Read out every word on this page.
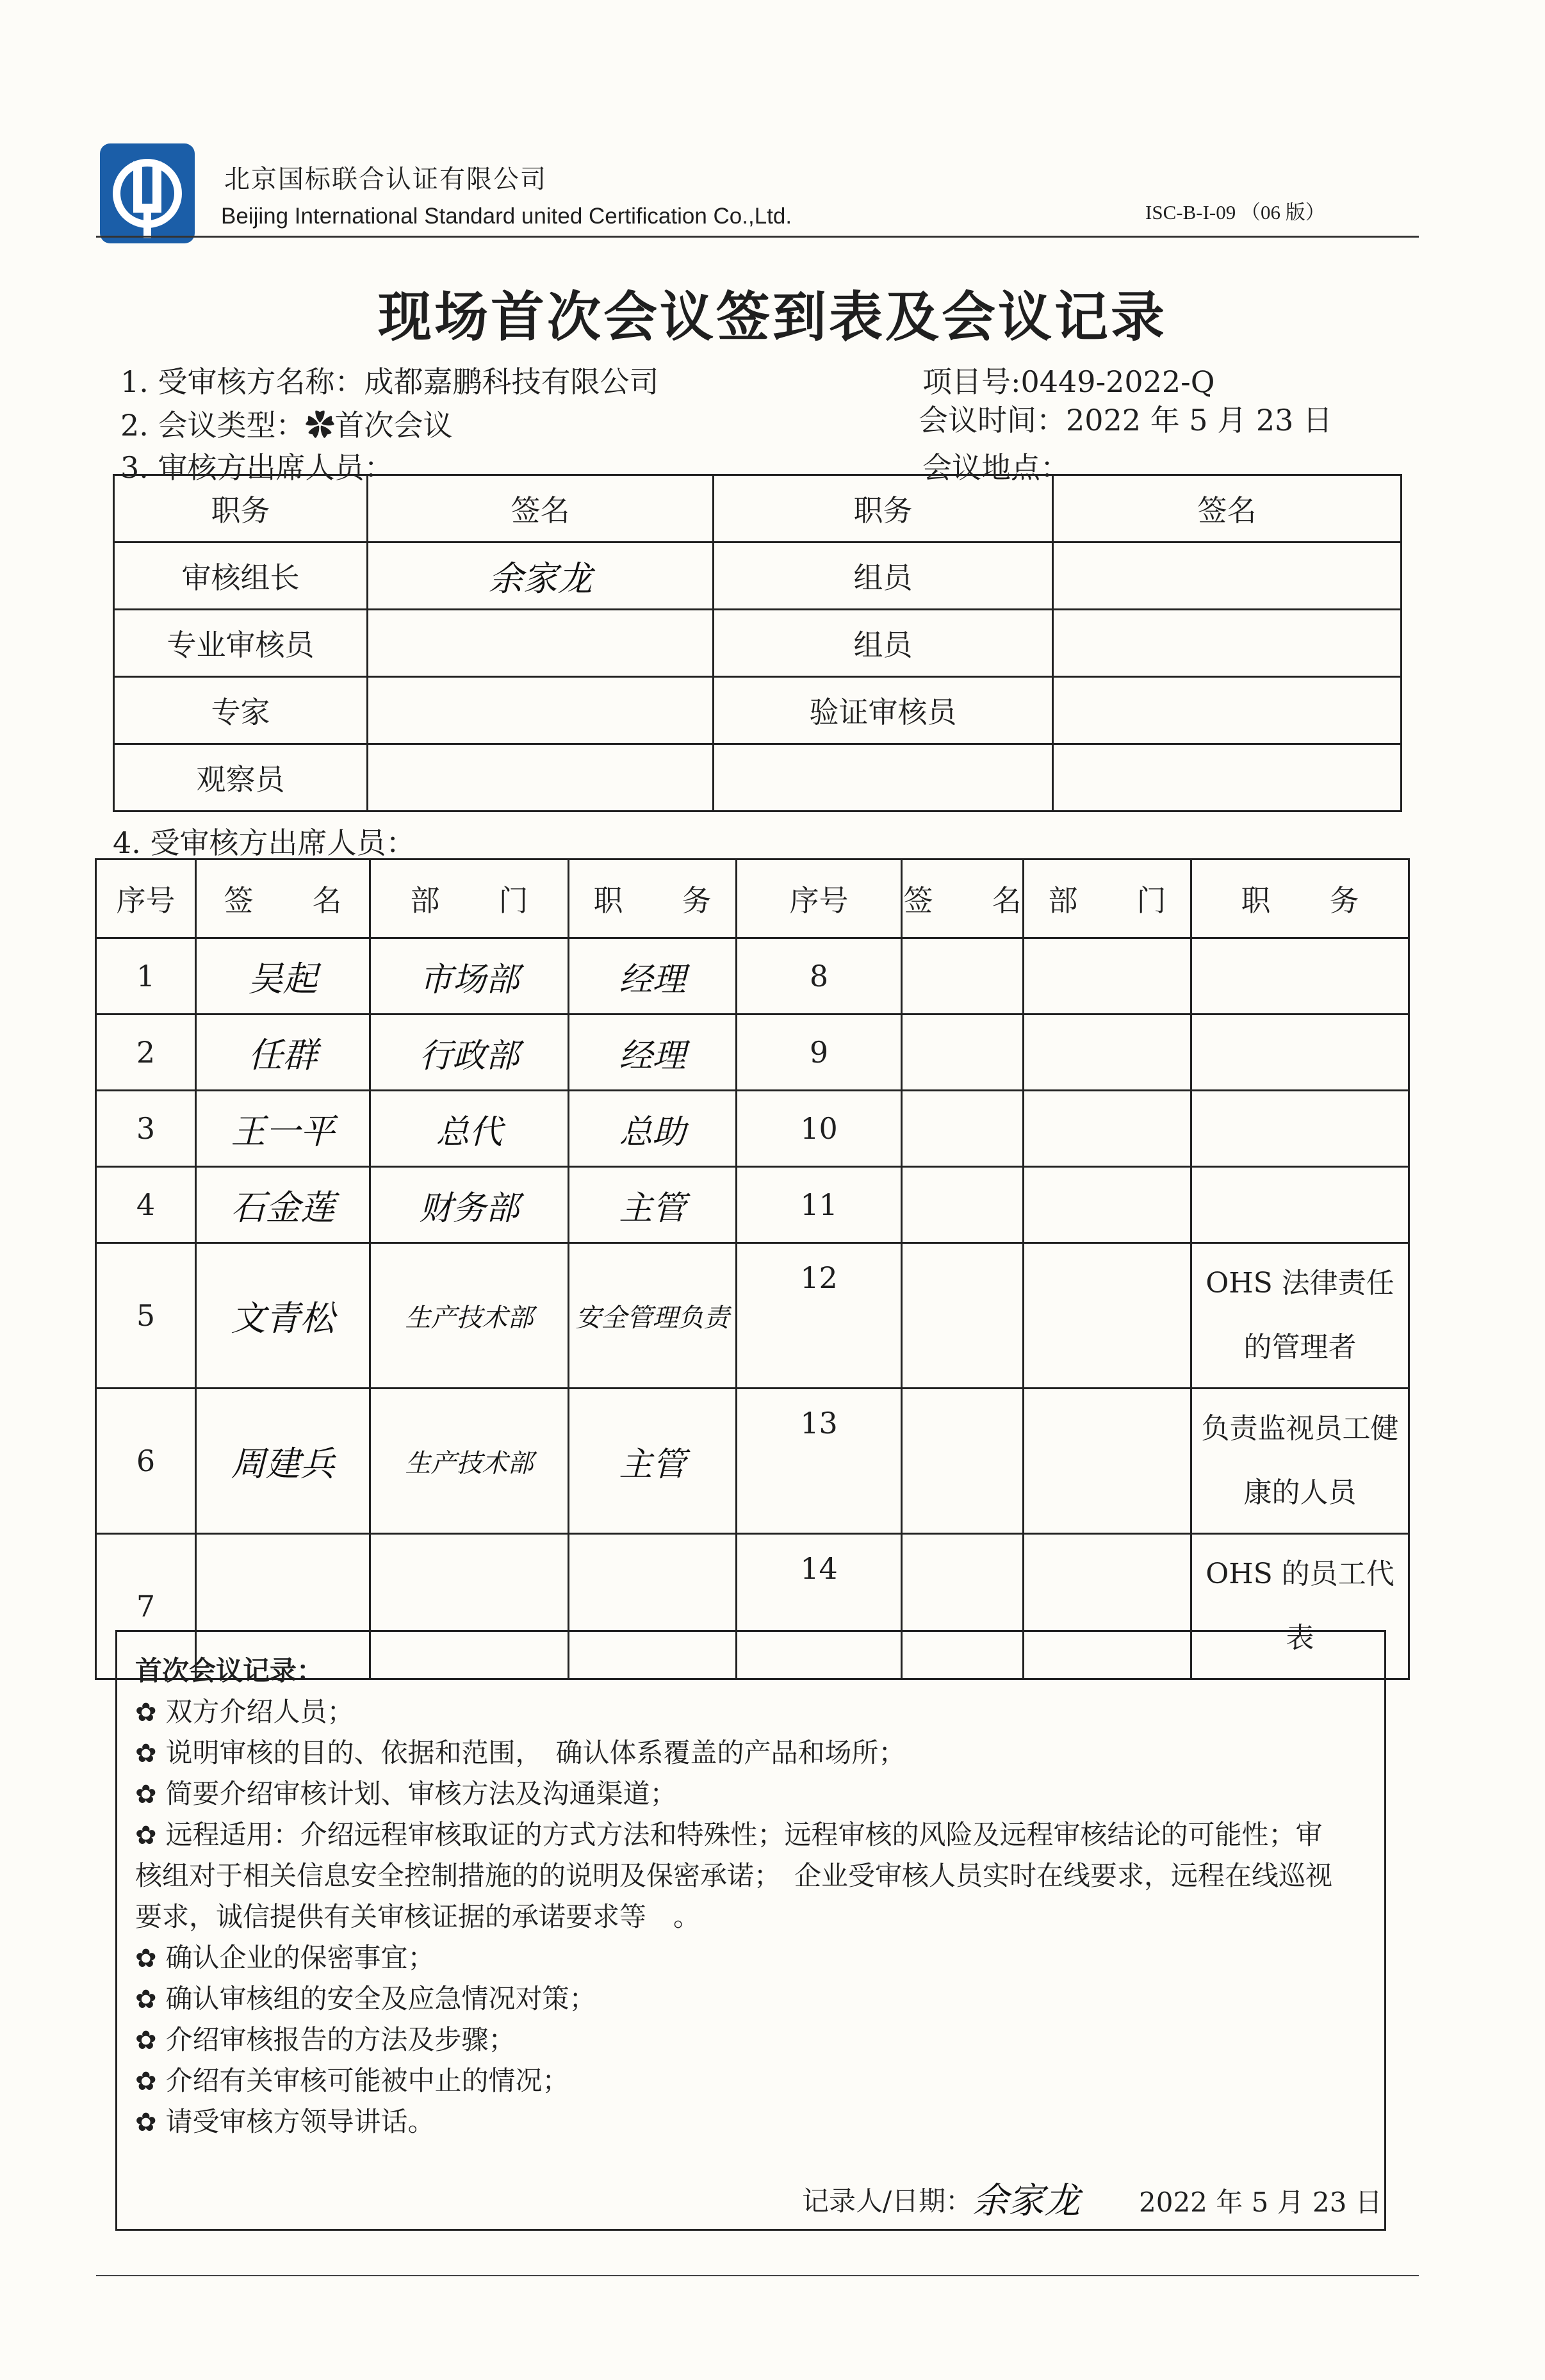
北京国标联合认证有限公司
Beijing International Standard united Certification Co.,Ltd.	ISC-B-I-09 （06 版）
现场首次会议签到表及会议记录
1. 受审核方名称：成都嘉鹏科技有限公司	项目号:0449-2022-Q
2. 会议类型：✿首次会议	会议时间：2022 年 5 月 23 日
3. 审核方出席人员：	会议地点：
职务	签名	职务	签名
审核组长	余家龙	组员	
专业审核员		组员	
专家		验证审核员	
观察员			
4. 受审核方出席人员：
序号	签　　名	部　　门	职　　务	序号	签　　名	部　　门	职　　务
1	吴起	市场部	经理	8			
2	任群	行政部	经理	9			
3	王一平	总代	总助	10			
4	石金莲	财务部	主管	11			
5	文青松	生产技术部	安全管理负责	12			OHS 法律责任的管理者
6	周建兵	生产技术部	主管	13			负责监视员工健康的人员
7				14			OHS 的员工代表
首次会议记录：
✿ 双方介绍人员；
✿ 说明审核的目的、依据和范围，　确认体系覆盖的产品和场所；
✿ 简要介绍审核计划、审核方法及沟通渠道；
✿ 远程适用：介绍远程审核取证的方式方法和特殊性；远程审核的风险及远程审核结论的可能性；审
核组对于相关信息安全控制措施的的说明及保密承诺；　企业受审核人员实时在线要求，远程在线巡视
要求，诚信提供有关审核证据的承诺要求等　。
✿ 确认企业的保密事宜；
✿ 确认审核组的安全及应急情况对策；
✿ 介绍审核报告的方法及步骤；
✿ 介绍有关审核可能被中止的情况；
✿ 请受审核方领导讲话。
记录人/日期： 余家龙 2022 年 5 月 23 日
